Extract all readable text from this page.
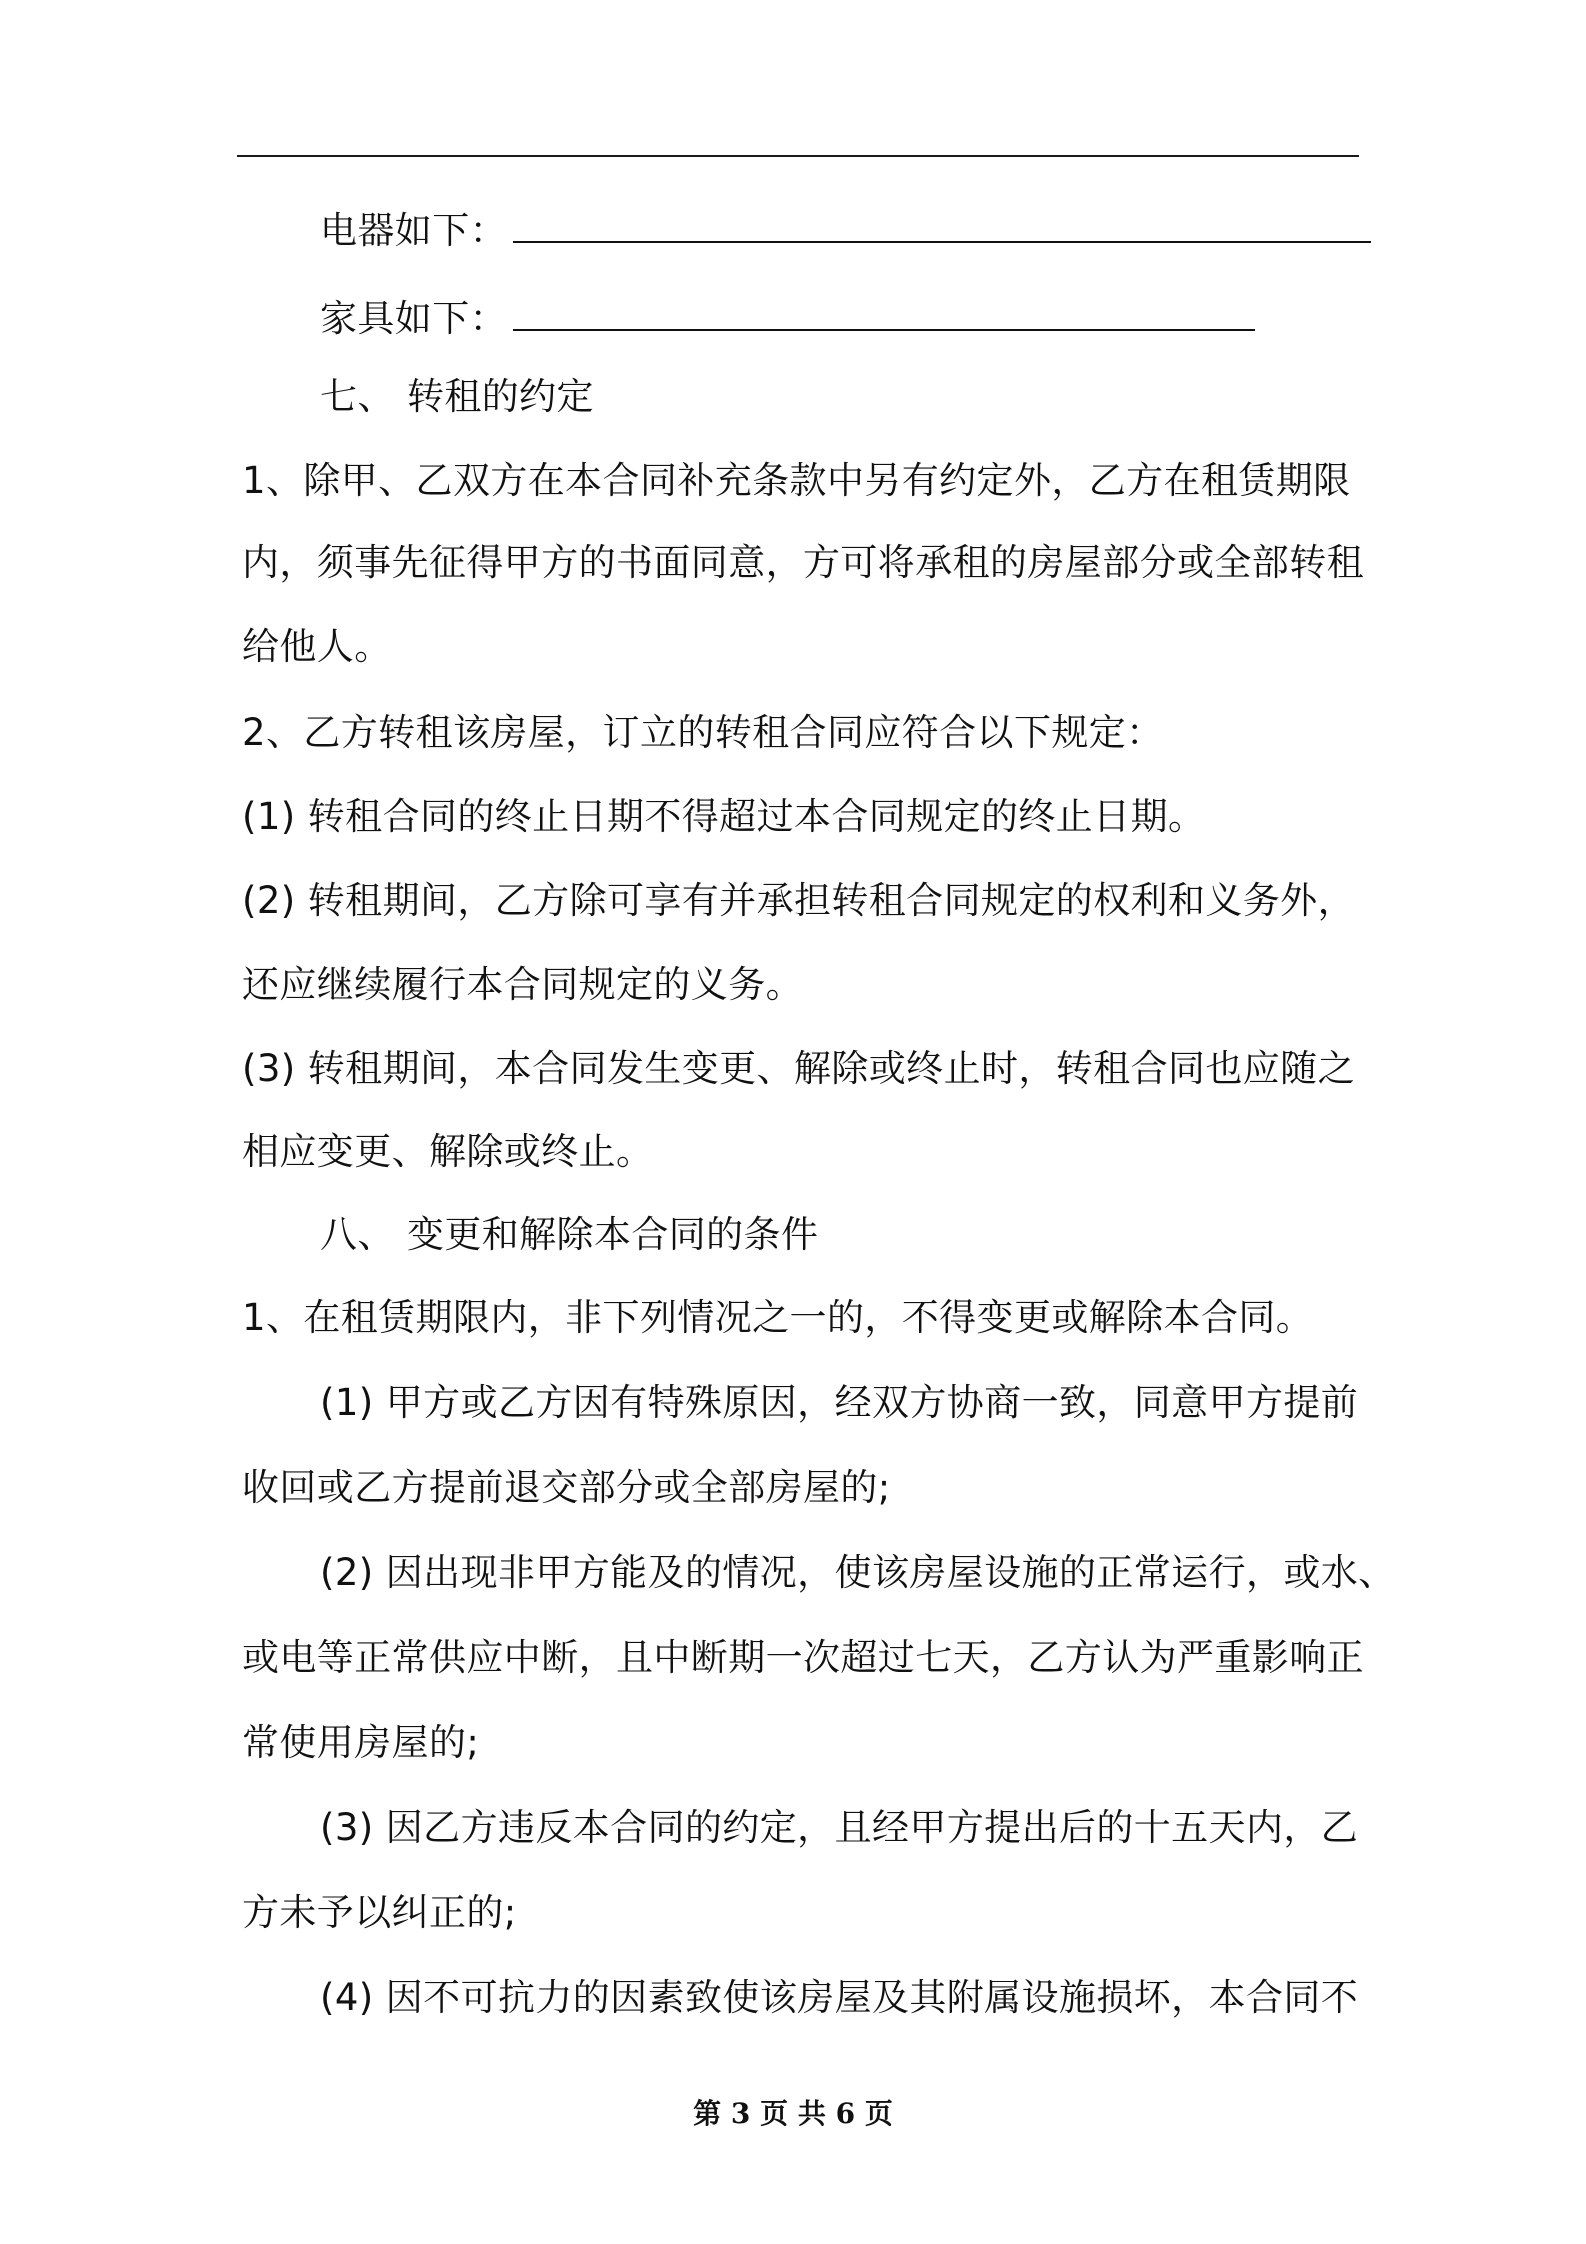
电器如下：
家具如下：
七、 转租的约定
1、除甲、乙双方在本合同补充条款中另有约定外，乙方在租赁期限
内，须事先征得甲方的书面同意，方可将承租的房屋部分或全部转租
给他人。
2、乙方转租该房屋，订立的转租合同应符合以下规定：
(1) 转租合同的终止日期不得超过本合同规定的终止日期。
(2) 转租期间，乙方除可享有并承担转租合同规定的权利和义务外，
还应继续履行本合同规定的义务。
(3) 转租期间，本合同发生变更、解除或终止时，转租合同也应随之
相应变更、解除或终止。
八、 变更和解除本合同的条件
1、在租赁期限内，非下列情况之一的，不得变更或解除本合同。
(1) 甲方或乙方因有特殊原因，经双方协商一致，同意甲方提前
收回或乙方提前退交部分或全部房屋的;
(2) 因出现非甲方能及的情况，使该房屋设施的正常运行，或水、
或电等正常供应中断，且中断期一次超过七天，乙方认为严重影响正
常使用房屋的;
(3) 因乙方违反本合同的约定，且经甲方提出后的十五天内，乙
方未予以纠正的;
(4) 因不可抗力的因素致使该房屋及其附属设施损坏，本合同不
第 3 页 共 6 页
